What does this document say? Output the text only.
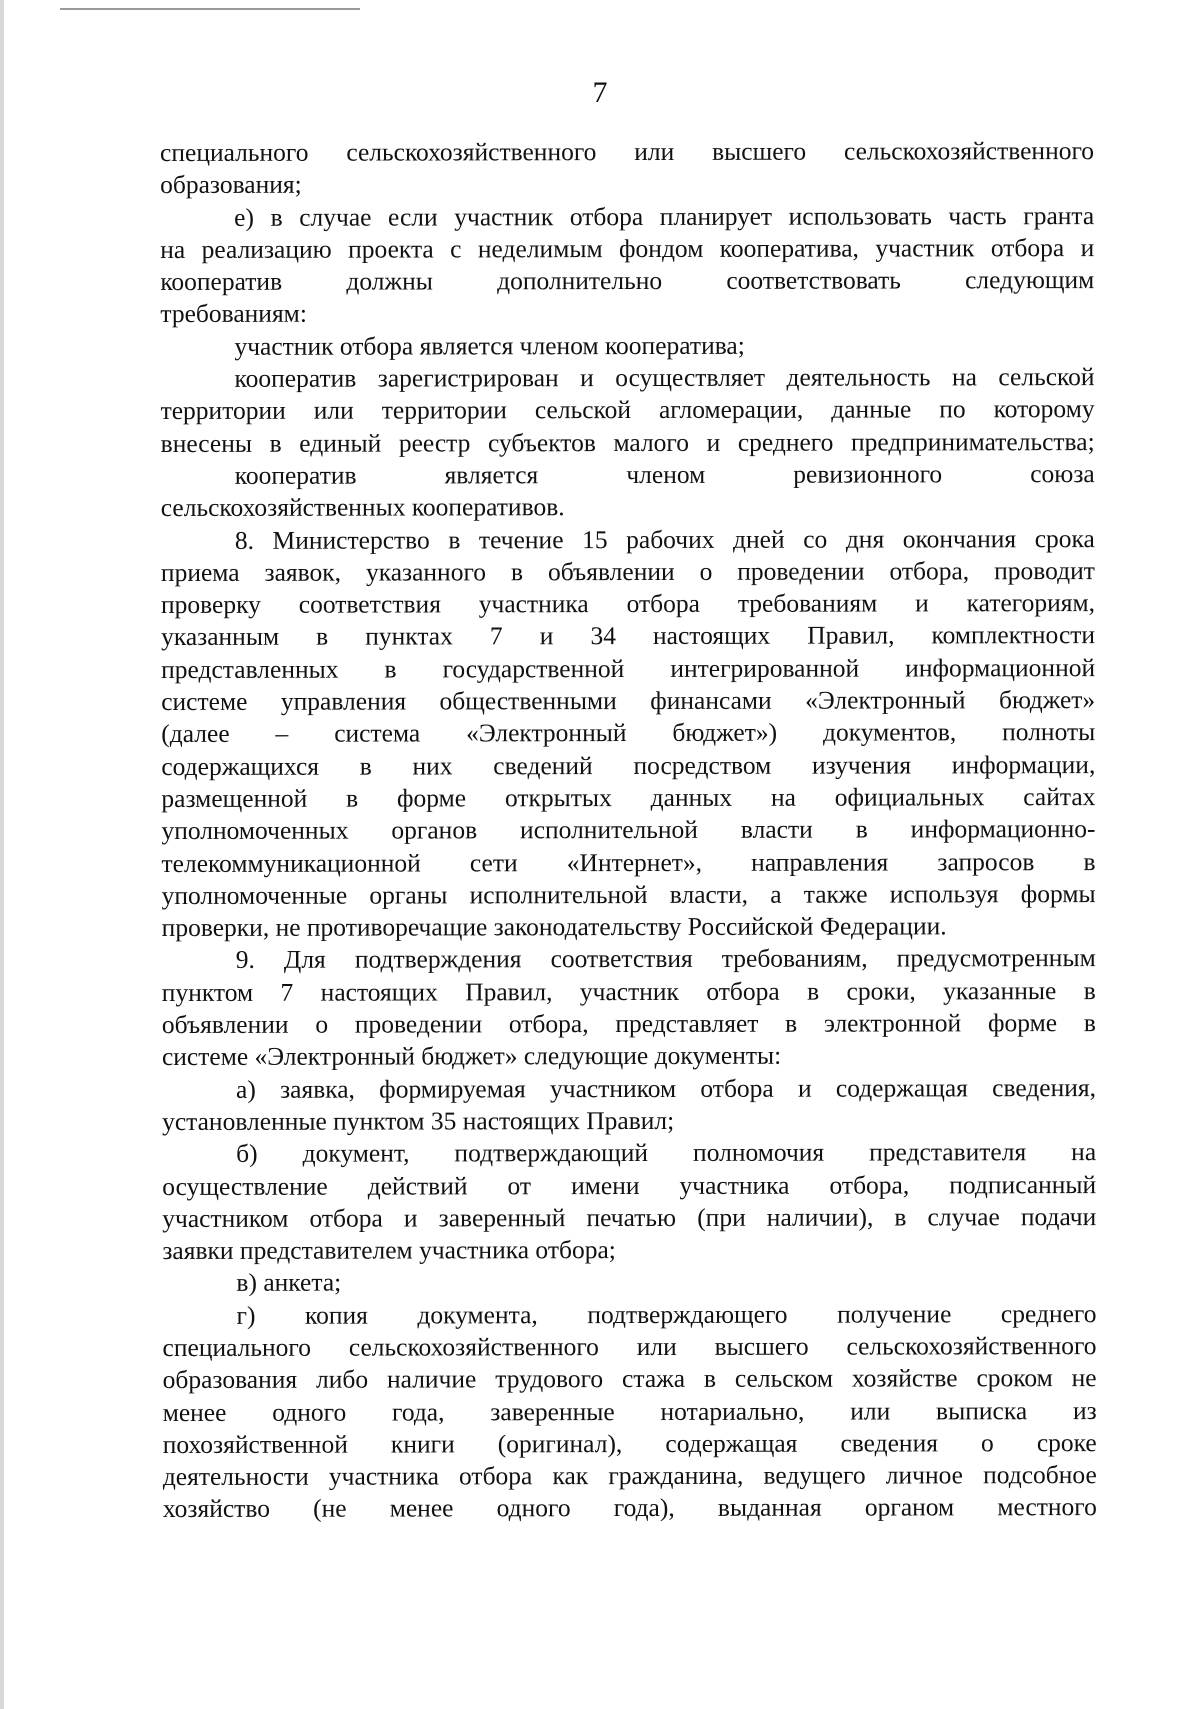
7
специального сельскохозяйственного или высшего сельскохозяйственного
образования;
е) в случае если участник отбора планирует использовать часть гранта
на реализацию проекта с неделимым фондом кооператива, участник отбора и
кооператив должны дополнительно соответствовать следующим
требованиям:
участник отбора является членом кооператива;
кооператив зарегистрирован и осуществляет деятельность на сельской
территории или территории сельской агломерации, данные по которому
внесены в единый реестр субъектов малого и среднего предпринимательства;
кооператив является членом ревизионного союза
сельскохозяйственных кооперативов.
8. Министерство в течение 15 рабочих дней со дня окончания срока
приема заявок, указанного в объявлении о проведении отбора, проводит
проверку соответствия участника отбора требованиям и категориям,
указанным в пунктах 7 и 34 настоящих Правил, комплектности
представленных в государственной интегрированной информационной
системе управления общественными финансами «Электронный бюджет»
(далее – система «Электронный бюджет») документов, полноты
содержащихся в них сведений посредством изучения информации,
размещенной в форме открытых данных на официальных сайтах
уполномоченных органов исполнительной власти в информационно-
телекоммуникационной сети «Интернет», направления запросов в
уполномоченные органы исполнительной власти, а также используя формы
проверки, не противоречащие законодательству Российской Федерации.
9. Для подтверждения соответствия требованиям, предусмотренным
пунктом 7 настоящих Правил, участник отбора в сроки, указанные в
объявлении о проведении отбора, представляет в электронной форме в
системе «Электронный бюджет» следующие документы:
а) заявка, формируемая участником отбора и содержащая сведения,
установленные пунктом 35 настоящих Правил;
б) документ, подтверждающий полномочия представителя на
осуществление действий от имени участника отбора, подписанный
участником отбора и заверенный печатью (при наличии), в случае подачи
заявки представителем участника отбора;
в) анкета;
г) копия документа, подтверждающего получение среднего
специального сельскохозяйственного или высшего сельскохозяйственного
образования либо наличие трудового стажа в сельском хозяйстве сроком не
менее одного года, заверенные нотариально, или выписка из
похозяйственной книги (оригинал), содержащая сведения о сроке
деятельности участника отбора как гражданина, ведущего личное подсобное
хозяйство (не менее одного года), выданная органом местного
